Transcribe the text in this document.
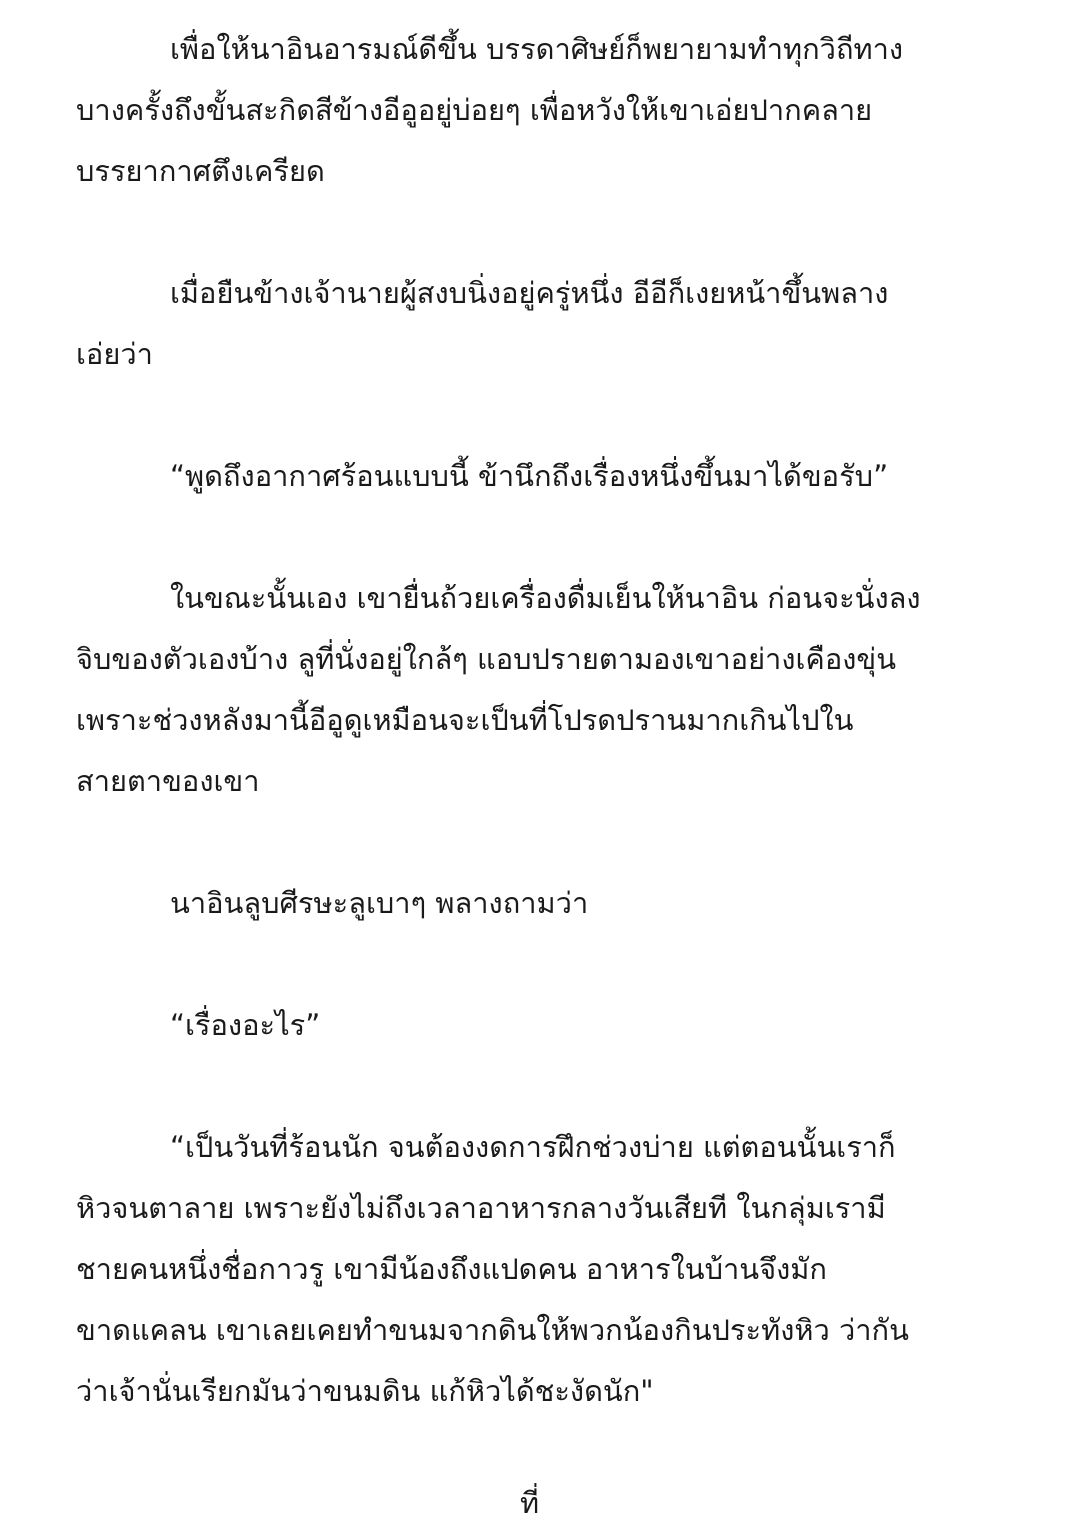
เพื่อให้นาอินอารมณ์ดีขึ้น บรรดาศิษย์ก็พยายามทำทุกวิถีทาง
บางครั้งถึงขั้นสะกิดสีข้างอีอูอยู่บ่อยๆ เพื่อหวังให้เขาเอ่ยปากคลาย
บรรยากาศตึงเครียด
เมื่อยืนข้างเจ้านายผู้สงบนิ่งอยู่ครู่หนึ่ง อีอีก็เงยหน้าขึ้นพลาง
เอ่ยว่า
“พูดถึงอากาศร้อนแบบนี้ ข้านึกถึงเรื่องหนึ่งขึ้นมาได้ขอรับ”
ในขณะนั้นเอง เขายื่นถ้วยเครื่องดื่มเย็นให้นาอิน ก่อนจะนั่งลง
จิบของตัวเองบ้าง ลูที่นั่งอยู่ใกล้ๆ แอบปรายตามองเขาอย่างเคืองขุ่น
เพราะช่วงหลังมานี้อีอูดูเหมือนจะเป็นที่โปรดปรานมากเกินไปใน
สายตาของเขา
นาอินลูบศีรษะลูเบาๆ พลางถามว่า
“เรื่องอะไร”
“เป็นวันที่ร้อนนัก จนต้องงดการฝึกช่วงบ่าย แต่ตอนนั้นเราก็
หิวจนตาลาย เพราะยังไม่ถึงเวลาอาหารกลางวันเสียที ในกลุ่มเรามี
ชายคนหนึ่งชื่อกาวรู เขามีน้องถึงแปดคน อาหารในบ้านจึงมัก
ขาดแคลน เขาเลยเคยทำขนมจากดินให้พวกน้องกินประทังหิว ว่ากัน
ว่าเจ้านั่นเรียกมันว่าขนมดิน แก้หิวได้ชะงัดนัก"
ที่
